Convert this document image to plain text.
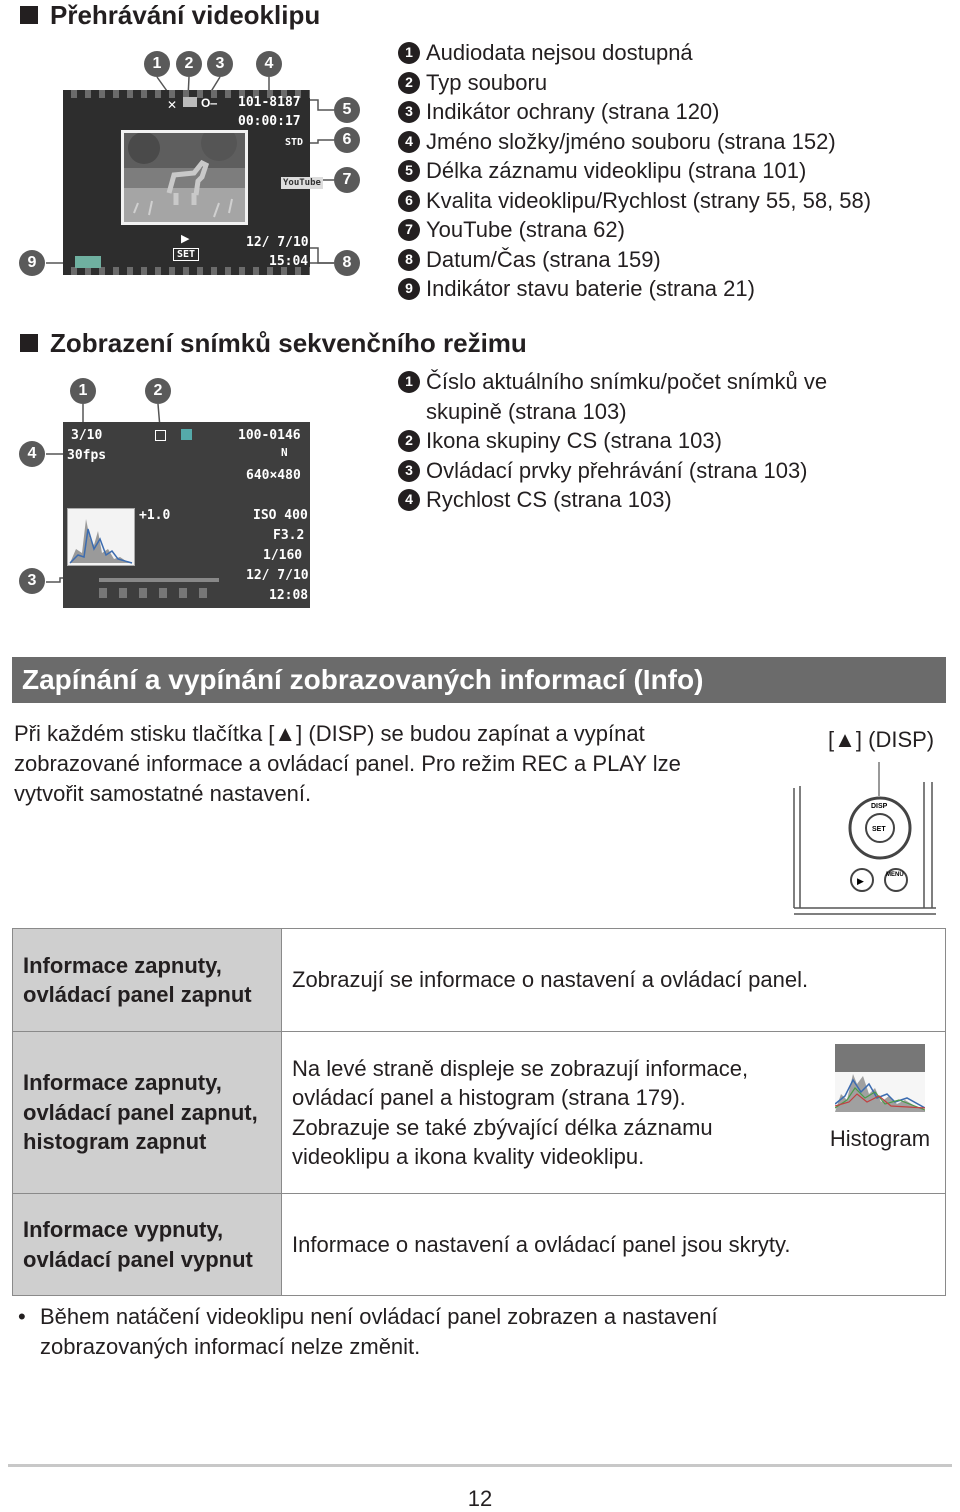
Přehrávání videoklipu
1	2	3	4
5
6
7
8
9
✕ O‒ 101-8187
00:00:17
STD
YouTube
▶
SET
12/ 7/10
15:04
1 Audiodata nejsou dostupná
2 Typ souboru
3 Indikátor ochrany (strana 120)
4 Jméno složky/jméno souboru (strana 152)
5 Délka záznamu videoklipu (strana 101)
6 Kvalita videoklipu/Rychlost (strany 55, 58, 58)
7 YouTube (strana 62)
8 Datum/Čas (strana 159)
9 Indikátor stavu baterie (strana 21)
Zobrazení snímků sekvenčního režimu
1	2
3
4
3/10
30fps
100-0146
N
640×480
+1.0	ISO 400
F3.2
1/160
12/ 7/10
12:08
1 Číslo aktuálního snímku/počet snímků ve skupině (strana 103)
2 Ikona skupiny CS (strana 103)
3 Ovládací prvky přehrávání (strana 103)
4 Rychlost CS (strana 103)
Zapínání a vypínání zobrazovaných informací (Info)
Při každém stisku tlačítka [▲] (DISP) se budou zapínat a vypínat zobrazované informace a ovládací panel. Pro režim REC a PLAY lze vytvořit samostatné nastavení.
[▲] (DISP)
DISP
SET
MENU
▶
Informace zapnuty, ovládací panel zapnut	Zobrazují se informace o nastavení a ovládací panel.
Informace zapnuty, ovládací panel zapnut, histogram zapnut	Na levé straně displeje se zobrazují informace, ovládací panel a histogram (strana 179). Zobrazuje se také zbývající délka záznamu videoklipu a ikona kvality videoklipu.
Histogram

Informace vypnuty, ovládací panel vypnut	Informace o nastavení a ovládací panel jsou skryty.
• Během natáčení videoklipu není ovládací panel zobrazen a nastavení zobrazovaných informací nelze změnit.
12
